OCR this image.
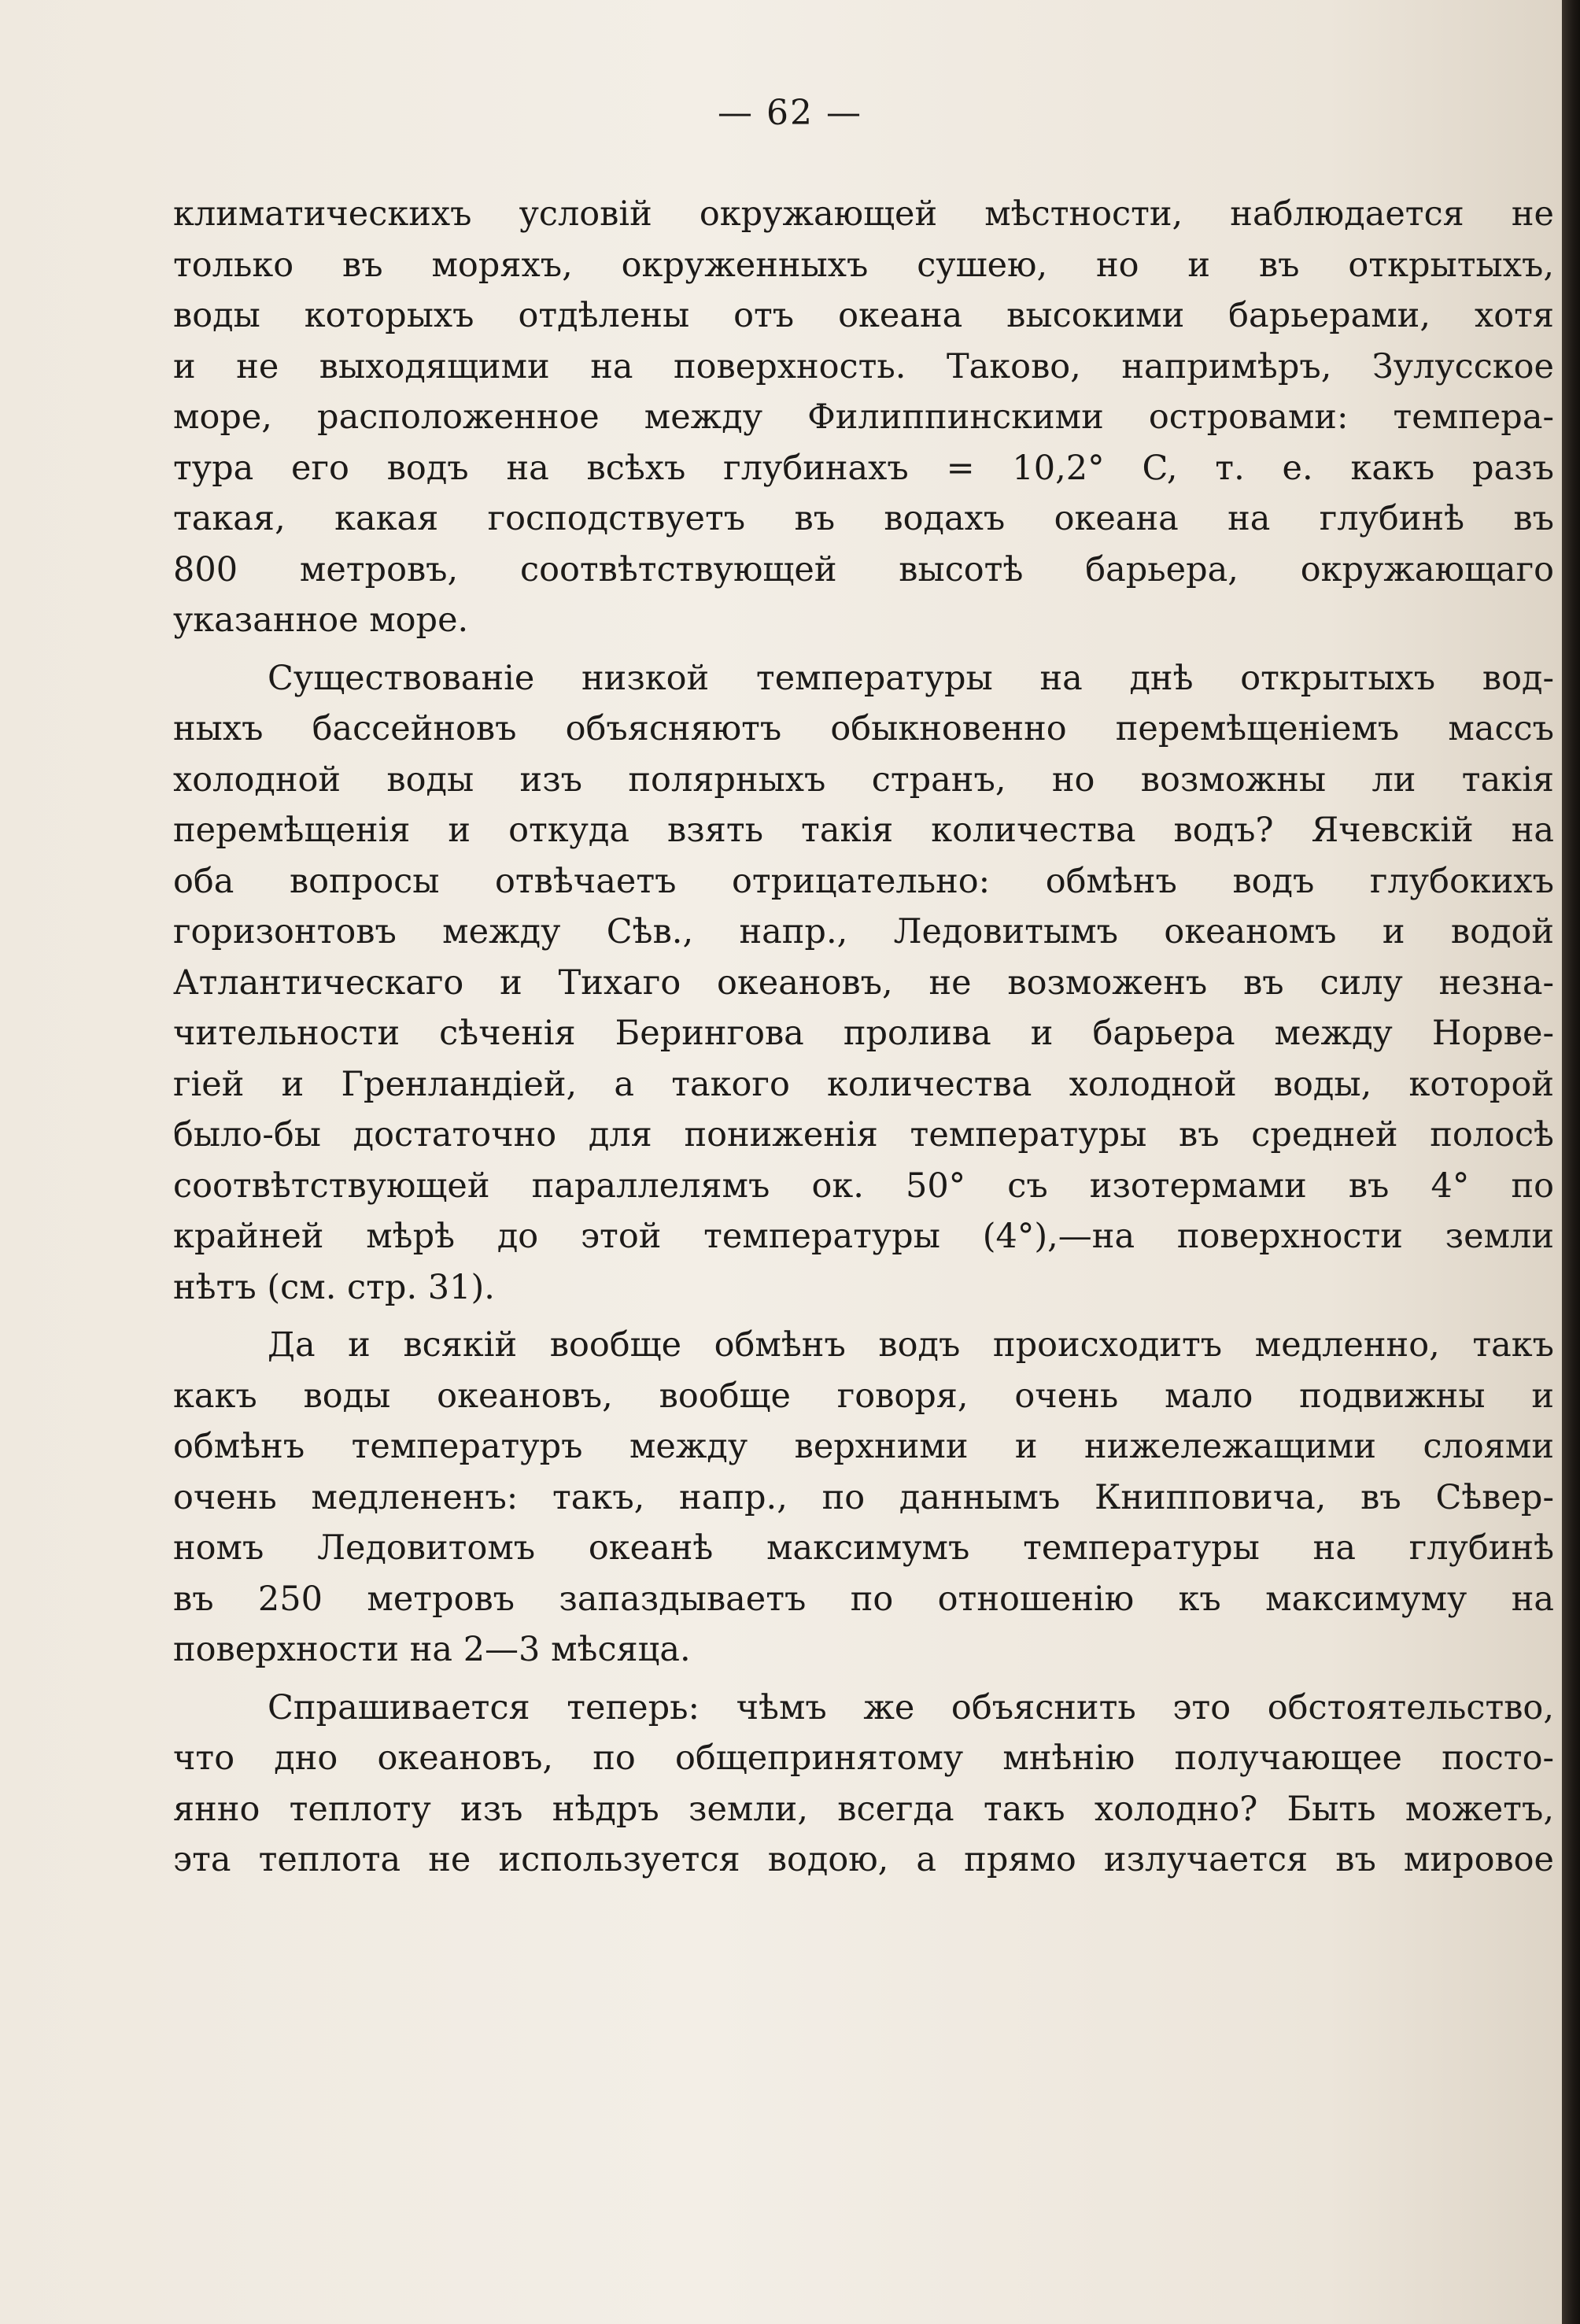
— 62 —
климатическихъ условій окружающей мѣстности, наблюдается не
только въ моряхъ, окруженныхъ сушею, но и въ открытыхъ,
воды которыхъ отдѣлены отъ океана высокими барьерами, хотя
и не выходящими на поверхность. Таково, напримѣръ, Зулусское
море, расположенное между Филиппинскими островами: темпера-
тура его водъ на всѣхъ глубинахъ = 10,2° C, т. е. какъ разъ
такая, какая господствуетъ въ водахъ океана на глубинѣ въ
800 метровъ, соотвѣтствующей высотѣ барьера, окружающаго
указанное море.
Существованіе низкой температуры на днѣ открытыхъ вод-
ныхъ бассейновъ объясняютъ обыкновенно перемѣщеніемъ массъ
холодной воды изъ полярныхъ странъ, но возможны ли такія
перемѣщенія и откуда взять такія количества водъ? Ячевскій на
оба вопросы отвѣчаетъ отрицательно: обмѣнъ водъ глубокихъ
горизонтовъ между Сѣв., напр., Ледовитымъ океаномъ и водой
Атлантическаго и Тихаго океановъ, не возможенъ въ силу незна-
чительности сѣченія Берингова пролива и барьера между Норве-
гіей и Гренландіей, а такого количества холодной воды, которой
было-бы достаточно для пониженія температуры въ средней полосѣ
соотвѣтствующей параллелямъ ок. 50° съ изотермами въ 4° по
крайней мѣрѣ до этой температуры (4°),—на поверхности земли
нѣтъ (см. стр. 31).
Да и всякій вообще обмѣнъ водъ происходитъ медленно, такъ
какъ воды океановъ, вообще говоря, очень мало подвижны и
обмѣнъ температуръ между верхними и нижележащими слоями
очень медлененъ: такъ, напр., по даннымъ Книпповича, въ Сѣвер-
номъ Ледовитомъ океанѣ максимумъ температуры на глубинѣ
въ 250 метровъ запаздываетъ по отношенію къ максимуму на
поверхности на 2—3 мѣсяца.
Спрашивается теперь: чѣмъ же объяснить это обстоятельство,
что дно океановъ, по общепринятому мнѣнію получающее посто-
янно теплоту изъ нѣдръ земли, всегда такъ холодно? Быть можетъ,
эта теплота не используется водою, а прямо излучается въ мировое
